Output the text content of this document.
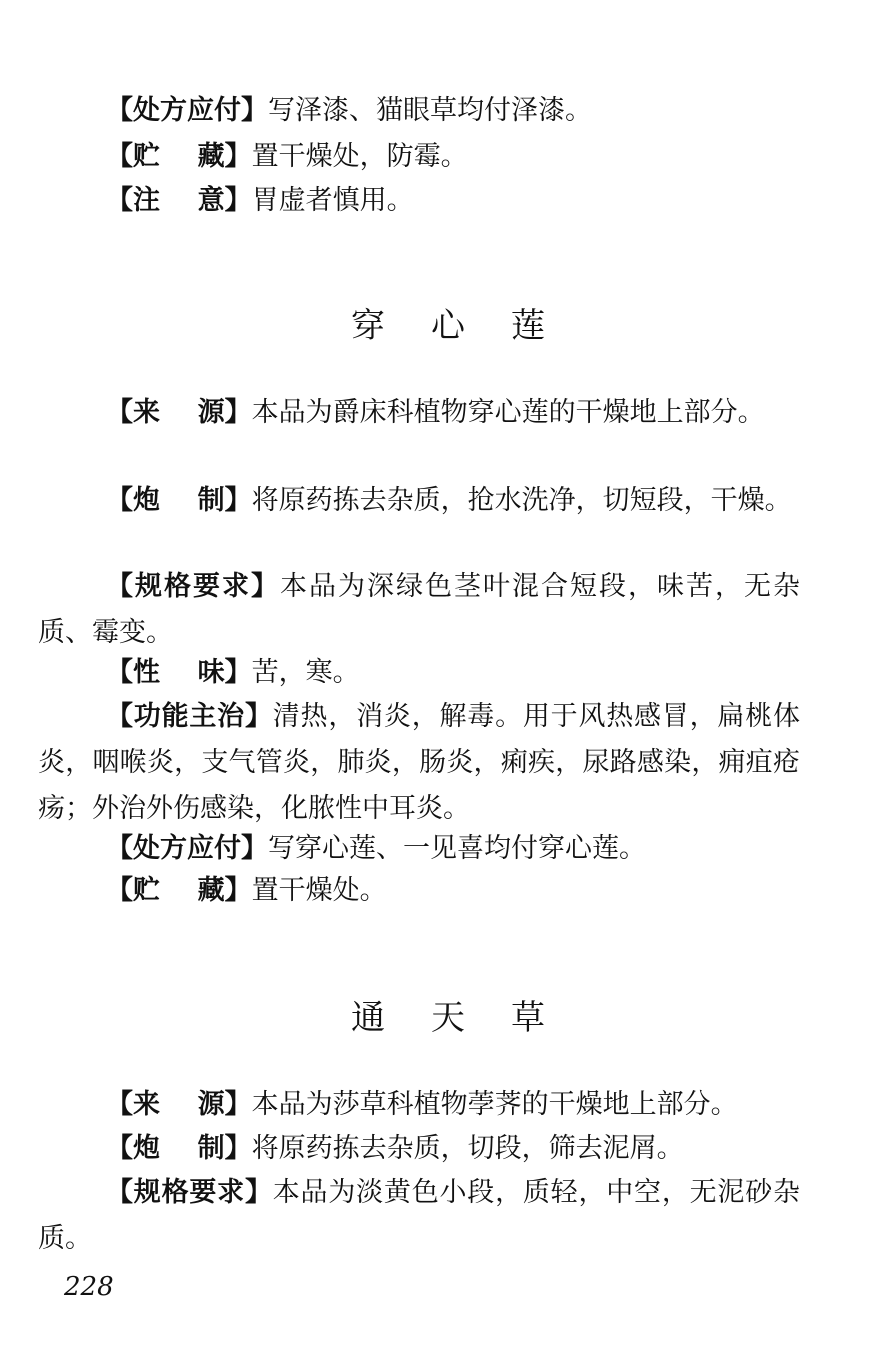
【处方应付】写泽漆、猫眼草均付泽漆。
【贮    藏】置干燥处，防霉。
【注    意】胃虚者慎用。
穿心莲
【来    源】本品为爵床科植物穿心莲的干燥地上部分。
【炮    制】将原药拣去杂质，抢水洗净，切短段，干燥。
【规格要求】本品为深绿色茎叶混合短段，味苦，无杂质、霉变。
【性    味】苦，寒。
【功能主治】清热，消炎，解毒。用于风热感冒，扁桃体炎，咽喉炎，支气管炎，肺炎，肠炎，痢疾，尿路感染，痈疽疮疡；外治外伤感染，化脓性中耳炎。
【处方应付】写穿心莲、一见喜均付穿心莲。
【贮    藏】置干燥处。
通天草
【来    源】本品为莎草科植物荸荠的干燥地上部分。
【炮    制】将原药拣去杂质，切段，筛去泥屑。
【规格要求】本品为淡黄色小段，质轻，中空，无泥砂杂质。
228
